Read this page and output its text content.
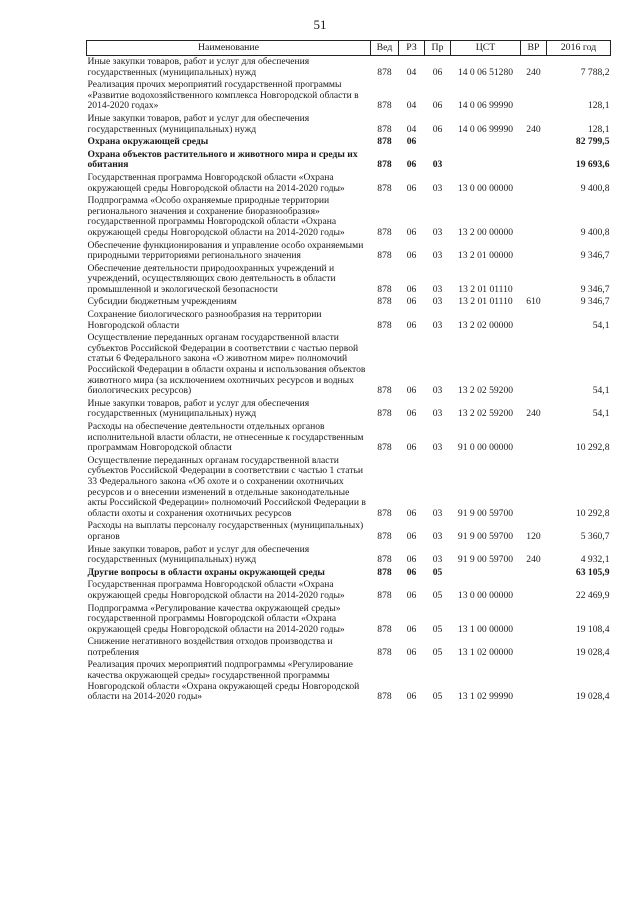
51
Наименование	Вед	РЗ	Пр	ЦСТ	ВР	2016 год
Иные закупки товаров, работ и услуг для обеспечения государственных (муниципальных) нужд	878	04	06	14 0 06 51280	240	7 788,2
Реализация прочих мероприятий государственной программы «Развитие водохозяйственного комплекса Новгородской области в 2014-2020 годах»	878	04	06	14 0 06 99990		128,1
Иные закупки товаров, работ и услуг для обеспечения государственных (муниципальных) нужд	878	04	06	14 0 06 99990	240	128,1
Охрана окружающей среды	878	06				82 799,5
Охрана объектов растительного и животного мира и среды их обитания	878	06	03			19 693,6
Государственная программа Новгородской области «Охрана окружающей среды Новгородской области на 2014-2020 годы»	878	06	03	13 0 00 00000		9 400,8
Подпрограмма «Особо охраняемые природные территории регионального значения и сохранение биоразнообразия» государственной программы Новгородской области «Охрана окружающей среды Новгородской области на 2014-2020 годы»	878	06	03	13 2 00 00000		9 400,8
Обеспечение функционирования и управление особо охраняемыми природными территориями регионального значения	878	06	03	13 2 01 00000		9 346,7
Обеспечение деятельности природоохранных учреждений и учреждений, осуществляющих свою деятельность в области промышленной и экологической безопасности	878	06	03	13 2 01 01110		9 346,7
Субсидии бюджетным учреждениям	878	06	03	13 2 01 01110	610	9 346,7
Сохранение биологического разнообразия на территории Новгородской области	878	06	03	13 2 02 00000		54,1
Осуществление переданных органам государственной власти субъектов Российской Федерации в соответствии с частью первой статьи 6 Федерального закона «О животном мире» полномочий Российской Федерации в области охраны и использования объектов животного мира (за исключением охотничьих ресурсов и водных биологических ресурсов)	878	06	03	13 2 02 59200		54,1
Иные закупки товаров, работ и услуг для обеспечения государственных (муниципальных) нужд	878	06	03	13 2 02 59200	240	54,1
Расходы на обеспечение деятельности отдельных органов исполнительной власти области, не отнесенные к государственным программам Новгородской области	878	06	03	91 0 00 00000		10 292,8
Осуществление переданных органам государственной власти субъектов Российской Федерации в соответствии с частью 1 статьи 33 Федерального закона «Об охоте и о сохранении охотничьих ресурсов и о внесении изменений в отдельные законодательные акты Российской Федерации» полномочий Российской Федерации в области охоты и сохранения охотничьих ресурсов	878	06	03	91 9 00 59700		10 292,8
Расходы на выплаты персоналу государственных (муниципальных) органов	878	06	03	91 9 00 59700	120	5 360,7
Иные закупки товаров, работ и услуг для обеспечения государственных (муниципальных) нужд	878	06	03	91 9 00 59700	240	4 932,1
Другие вопросы в области охраны окружающей среды	878	06	05			63 105,9
Государственная программа Новгородской области «Охрана окружающей среды Новгородской области на 2014-2020 годы»	878	06	05	13 0 00 00000		22 469,9
Подпрограмма «Регулирование качества окружающей среды» государственной программы Новгородской области «Охрана окружающей среды Новгородской области на 2014-2020 годы»	878	06	05	13 1 00 00000		19 108,4
Снижение негативного воздействия отходов производства и потребления	878	06	05	13 1 02 00000		19 028,4
Реализация прочих мероприятий подпрограммы «Регулирование качества окружающей среды» государственной программы Новгородской области «Охрана окружающей среды Новгородской области на 2014-2020 годы»	878	06	05	13 1 02 99990		19 028,4
